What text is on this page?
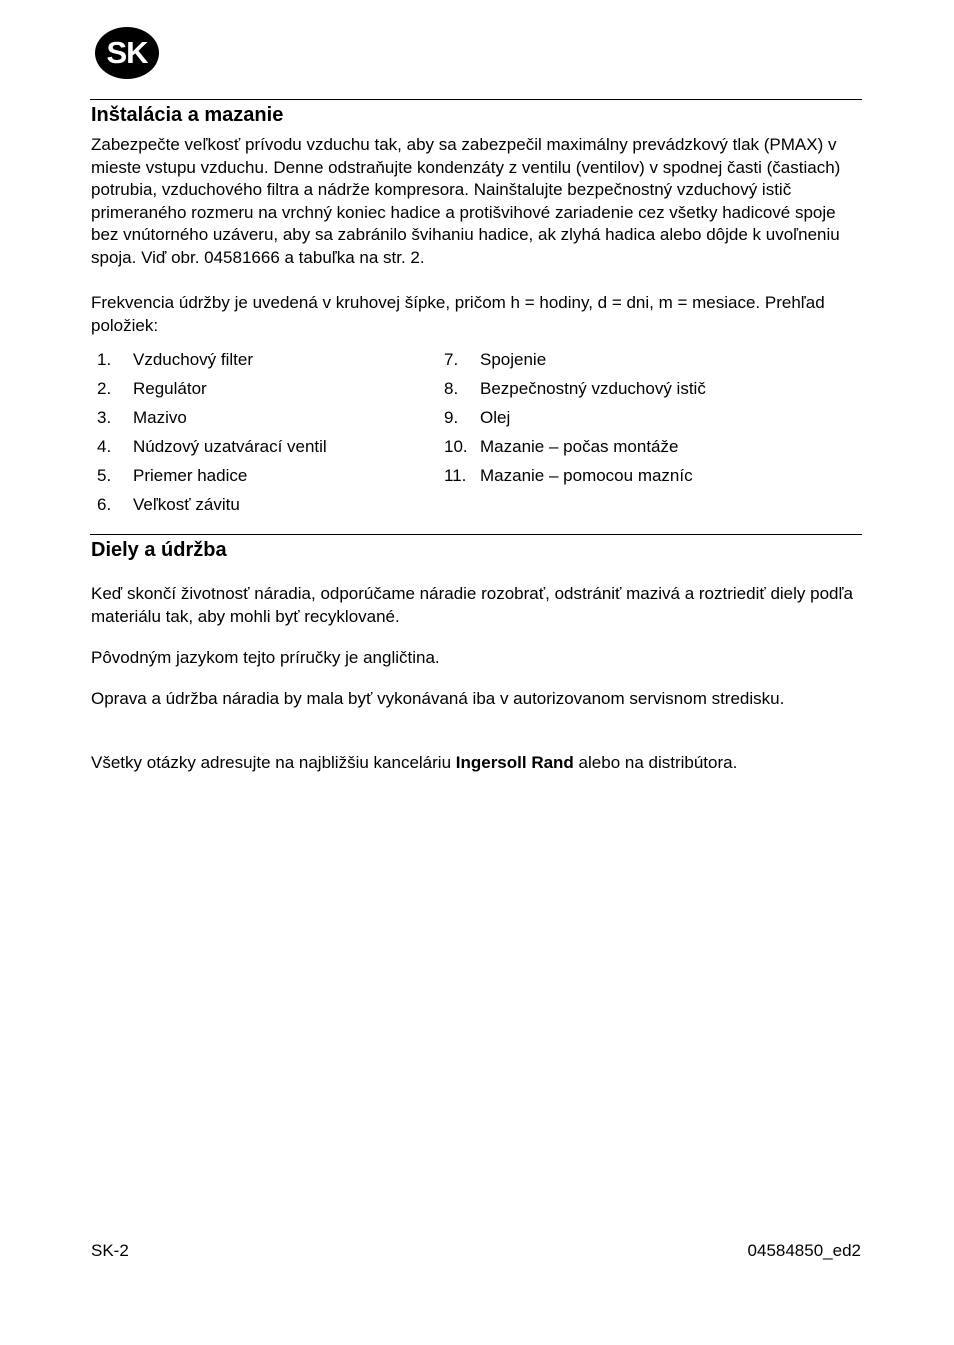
SK
Inštalácia a mazanie

Zabezpečte veľkosť prívodu vzduchu tak, aby sa zabezpečil maximálny prevádzkový tlak (PMAX) v mieste vstupu vzduchu. Denne odstraňujte kondenzáty z ventilu (ventilov) v spodnej časti (častiach) potrubia, vzduchového filtra a nádrže kompresora. Nainštalujte bezpečnostný vzduchový istič primeraného rozmeru na vrchný koniec hadice a protišvihové zariadenie cez všetky hadicové spoje bez vnútorného uzáveru, aby sa zabránilo švihaniu hadice, ak zlyhá hadica alebo dôjde k uvoľneniu spoja. Viď obr. 04581666 a tabuľka na str. 2.

Frekvencia údržby je uvedená v kruhovej šípke, pričom h = hodiny, d = dni, m = mesiace. Prehľad položiek:

1.	Vzduchový filter
2.	Regulátor
3.	Mazivo
4.	Núdzový uzatvárací ventil
5.	Priemer hadice
6.	Veľkosť závitu
7.	Spojenie
8.	Bezpečnostný vzduchový istič
9.	Olej
10. Mazanie – počas montáže
11. Mazanie – pomocou mazníc
Diely a údržba

Keď skončí životnosť náradia, odporúčame náradie rozobrať, odstrániť mazivá a roztriediť diely podľa materiálu tak, aby mohli byť recyklované.

Pôvodným jazykom tejto príručky je angličtina.

Oprava a údržba náradia by mala byť vykonávaná iba v autorizovanom servisnom stredisku.

Všetky otázky adresujte na najbližšiu kanceláriu Ingersoll Rand alebo na distribútora.

SK-2	04584850_ed2
